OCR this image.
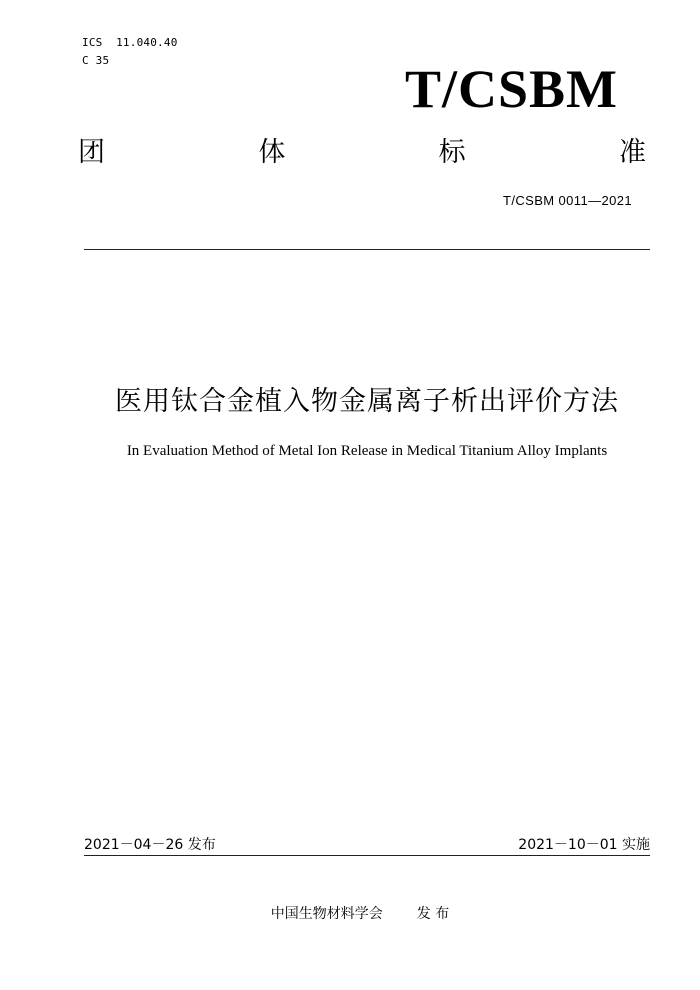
ICS  11.040.40
C 35	T/CSBM
团	体	标	准
T/CSBM 0011—2021
医用钛合金植入物金属离子析出评价方法
In Evaluation Method of Metal Ion Release in Medical Titanium Alloy Implants
2021－04－26 发布	2021－10－01 实施
中国生物材料学会 发 布
